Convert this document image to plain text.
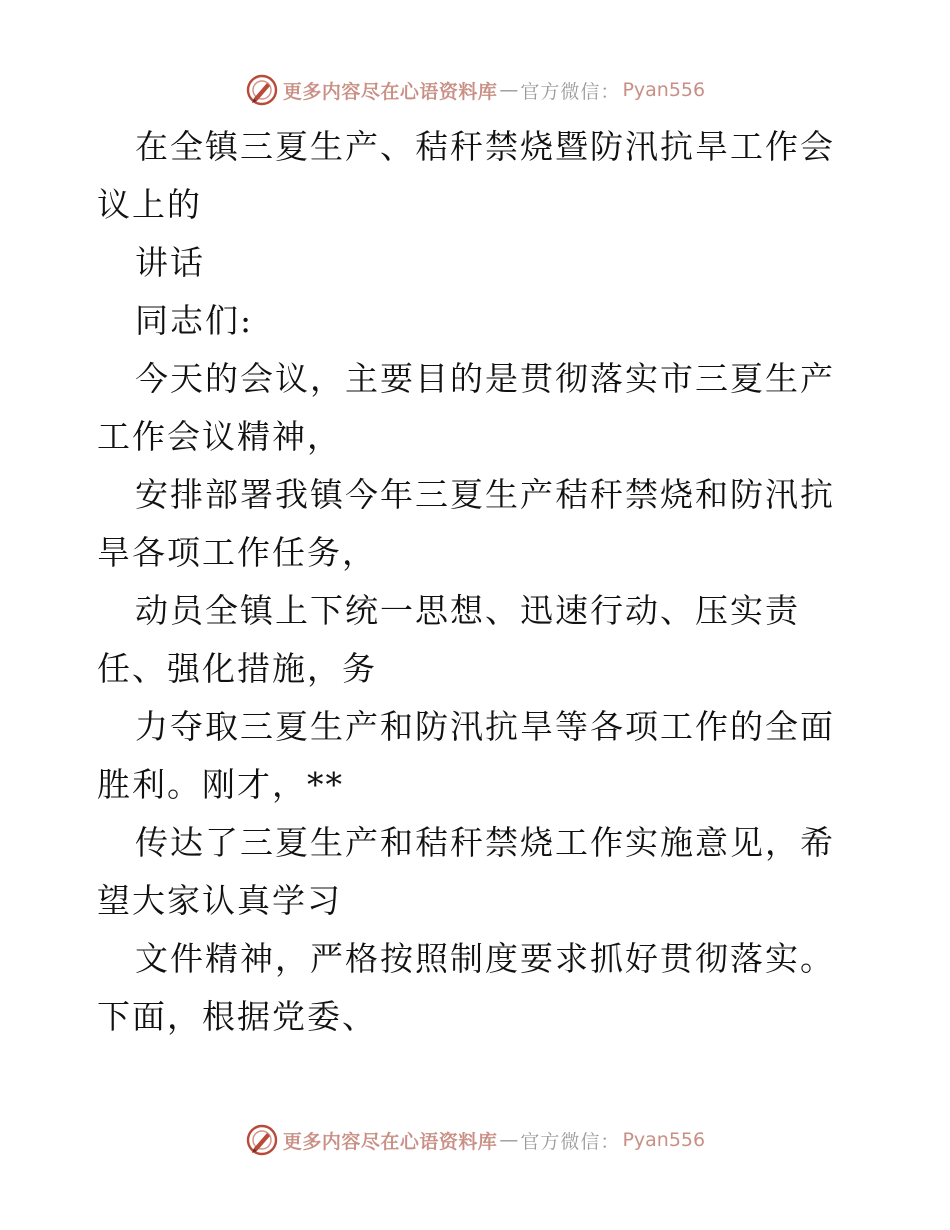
更多内容尽在心语资料库 — 官方微信： Pyan556

在全镇三夏生产、秸秆禁烧暨防汛抗旱工作会议上的

讲话

同志们:

今天的会议，主要目的是贯彻落实市三夏生产工作会议精神，

安排部署我镇今年三夏生产秸秆禁烧和防汛抗旱各项工作任务，

动员全镇上下统一思想、迅速行动、压实责任、强化措施，务

力夺取三夏生产和防汛抗旱等各项工作的全面胜利。刚才，**

传达了三夏生产和秸秆禁烧工作实施意见，希望大家认真学习

文件精神，严格按照制度要求抓好贯彻落实。下面，根据党委、

更多内容尽在心语资料库 — 官方微信： Pyan556
